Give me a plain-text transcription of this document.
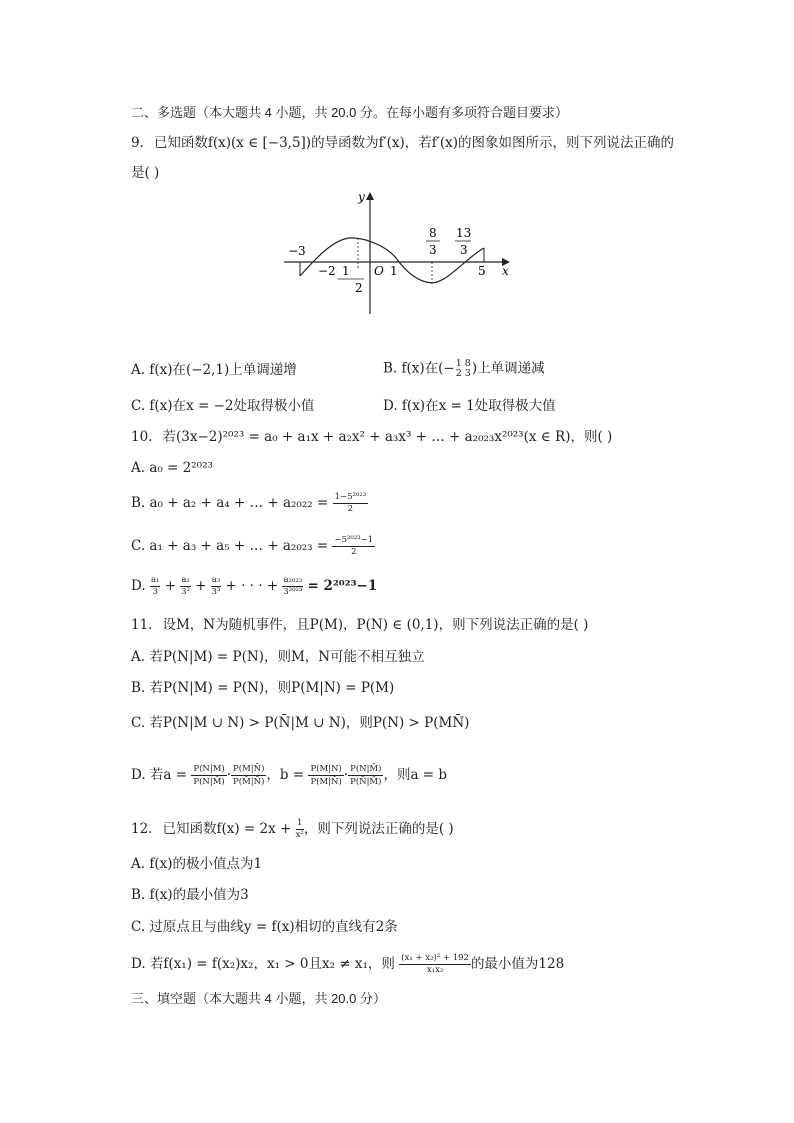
二、多选题（本大题共 4 小题，共 20.0 分。在每小题有多项符合题目要求）
9. 已知函数f(x)(x ∈ [−3,5])的导函数为f′(x)，若f′(x)的图象如图所示，则下列说法正确的
是( )
y
x
O
−3
−2 1
2
1
8
3
13
3
5
A. f(x)在(−2,1)上单调递增	B. f(x)在(− 1 8
2 3 )上单调递减
C. f(x)在x = −2处取得极小值	D. f(x)在x = 1处取得极大值
10. 若(3x−2)²⁰²³ = a₀ + a₁x + a₂x² + a₃x³ + … + a₂₀₂₃x²⁰²³(x ∈ R)，则( )
A. a₀ = 2²⁰²³
B. a₀ + a₂ + a₄ + … + $a_{2022} = \frac{\text{1−5²⁰²³}}{2}$
C. a₁ + a₃ + a₅ + … + $a_{2023} = \frac{\text{−5²⁰²³−1}}{2}$
D. $\frac{\text{a₁}}{3} + \frac{\text{a₂}}{\text{3²}} + \frac{\text{a₃}}{\text{3³}}$ + · · · + $\frac{\text{a₂₀₂₃}}{\text{3²⁰²³}} = 2^{2023}-1$
11. 设M，N为随机事件，且P(M)，P(N) ∈ (0,1)，则下列说法正确的是( )
A. 若P(N|M) = P(N)，则M，N可能不相互独立
B. 若P(N|M) = P(N)，则P(M|N) = P(M)
C. 若P(N|M ∪ N) > P(N̄|M ∪ N)，则P(N) > P(MN̄)
D. 若$a = \frac{P(N|M)}{P(N|M̄)} \cdot \frac{P(M|N̄)}{P(M̄|N̄)}$ ，$b = \frac{P(M|N)}{P(M|N̄)} \cdot \frac{P(N|M̄)}{P(N̄|M̄)}$ ，则a = b
12. 已知函数$f(x) = 2x + \frac{1}{\text{x²}}$ ，则下列说法正确的是( )
A. f(x)的极小值点为1
B. f(x)的最小值为3
C. 过原点且与曲线y = f(x)相切的直线有2条
D. 若f(x₁) = f(x₂)x₂，x₁ > 0且x₂ ≠ x₁，则 $\frac{\text{(x₁ + x₂)² + 192}}{\text{x₁x₂}}$ 的最小值为128
三、填空题（本大题共 4 小题，共 20.0 分）
